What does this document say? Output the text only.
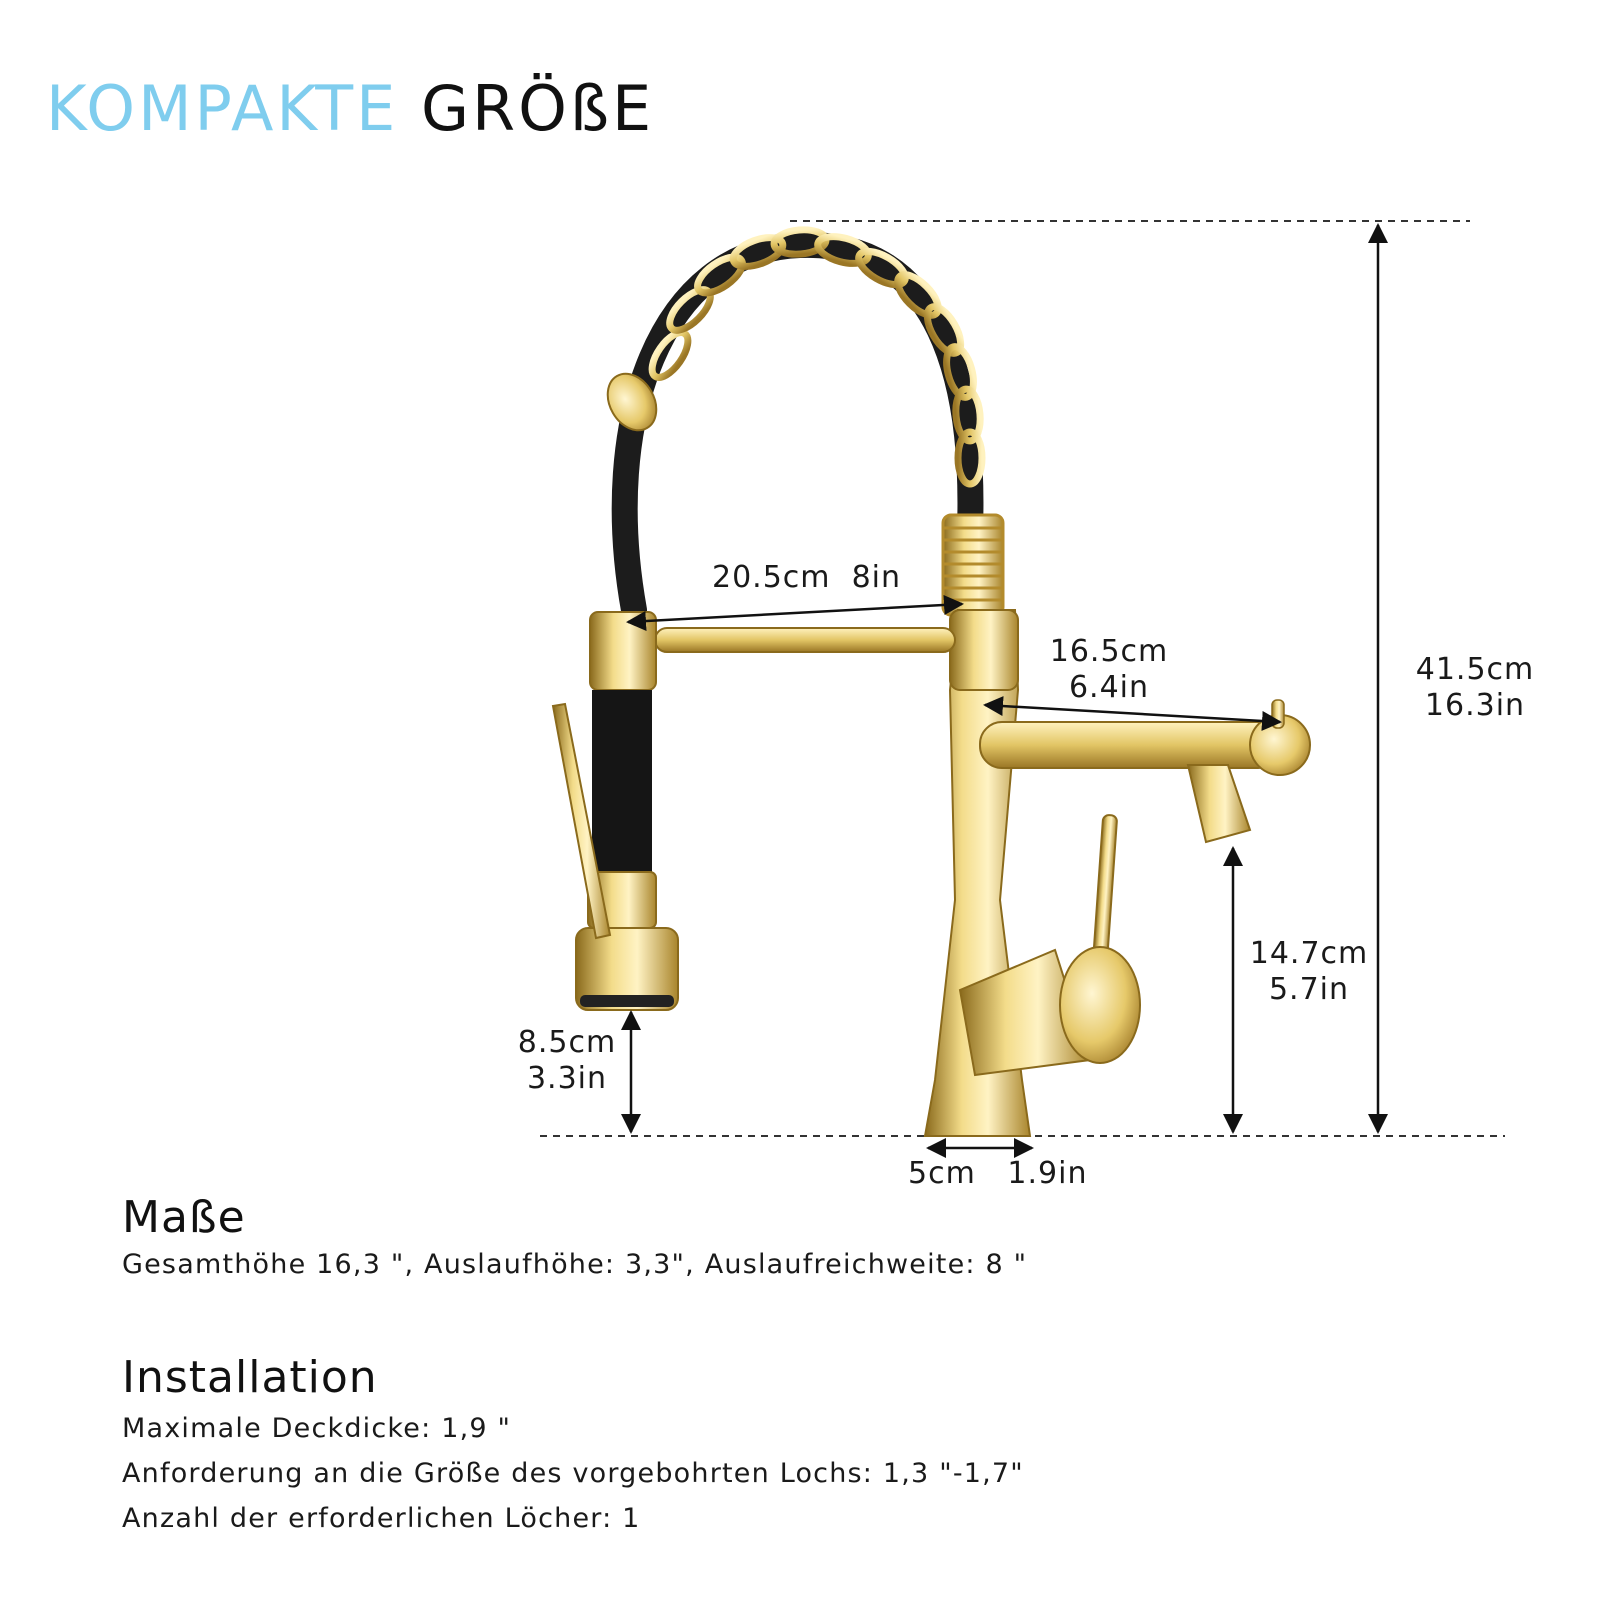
KOMPAKTE GRÖßE
20.5cm 8in
16.5cm
6.4in
41.5cm
16.3in
14.7cm
5.7in
8.5cm
3.3in
5cm 1.9in
Maße

Gesamthöhe 16,3 ", Auslaufhöhe: 3,3", Auslaufreichweite: 8 "

Installation

Maximale Deckdicke: 1,9 "

Anforderung an die Größe des vorgebohrten Lochs: 1,3 "-1,7"

Anzahl der erforderlichen Löcher: 1
